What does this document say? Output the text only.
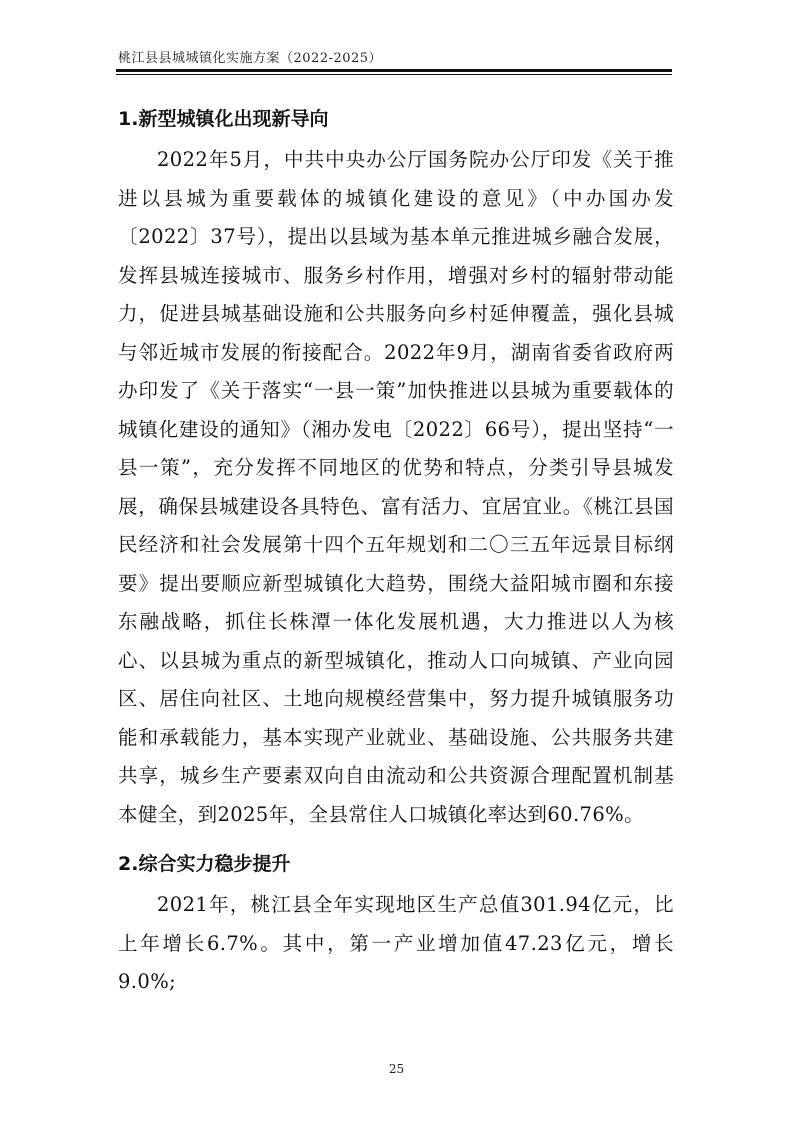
桃江县县城城镇化实施方案（2022-2025）
1.新型城镇化出现新导向

2022年5月，中共中央办公厅国务院办公厅印发《关于推进以县城为重要载体的城镇化建设的意见》（中办国办发〔2022〕37号），提出以县域为基本单元推进城乡融合发展，发挥县城连接城市、服务乡村作用，增强对乡村的辐射带动能力，促进县城基础设施和公共服务向乡村延伸覆盖，强化县城与邻近城市发展的衔接配合。2022年9月，湖南省委省政府两办印发了《关于落实“一县一策”加快推进以县城为重要载体的城镇化建设的通知》（湘办发电〔2022〕66号），提出坚持“一县一策”，充分发挥不同地区的优势和特点，分类引导县城发展，确保县城建设各具特色、富有活力、宜居宜业。《桃江县国民经济和社会发展第十四个五年规划和二〇三五年远景目标纲要》提出要顺应新型城镇化大趋势，围绕大益阳城市圈和东接东融战略，抓住长株潭一体化发展机遇，大力推进以人为核心、以县城为重点的新型城镇化，推动人口向城镇、产业向园区、居住向社区、土地向规模经营集中，努力提升城镇服务功能和承载能力，基本实现产业就业、基础设施、公共服务共建共享，城乡生产要素双向自由流动和公共资源合理配置机制基本健全，到2025年，全县常住人口城镇化率达到60.76%。

2.综合实力稳步提升

2021年，桃江县全年实现地区生产总值301.94亿元，比上年增长6.7%。其中，第一产业增加值47.23亿元，增长9.0%;

25
